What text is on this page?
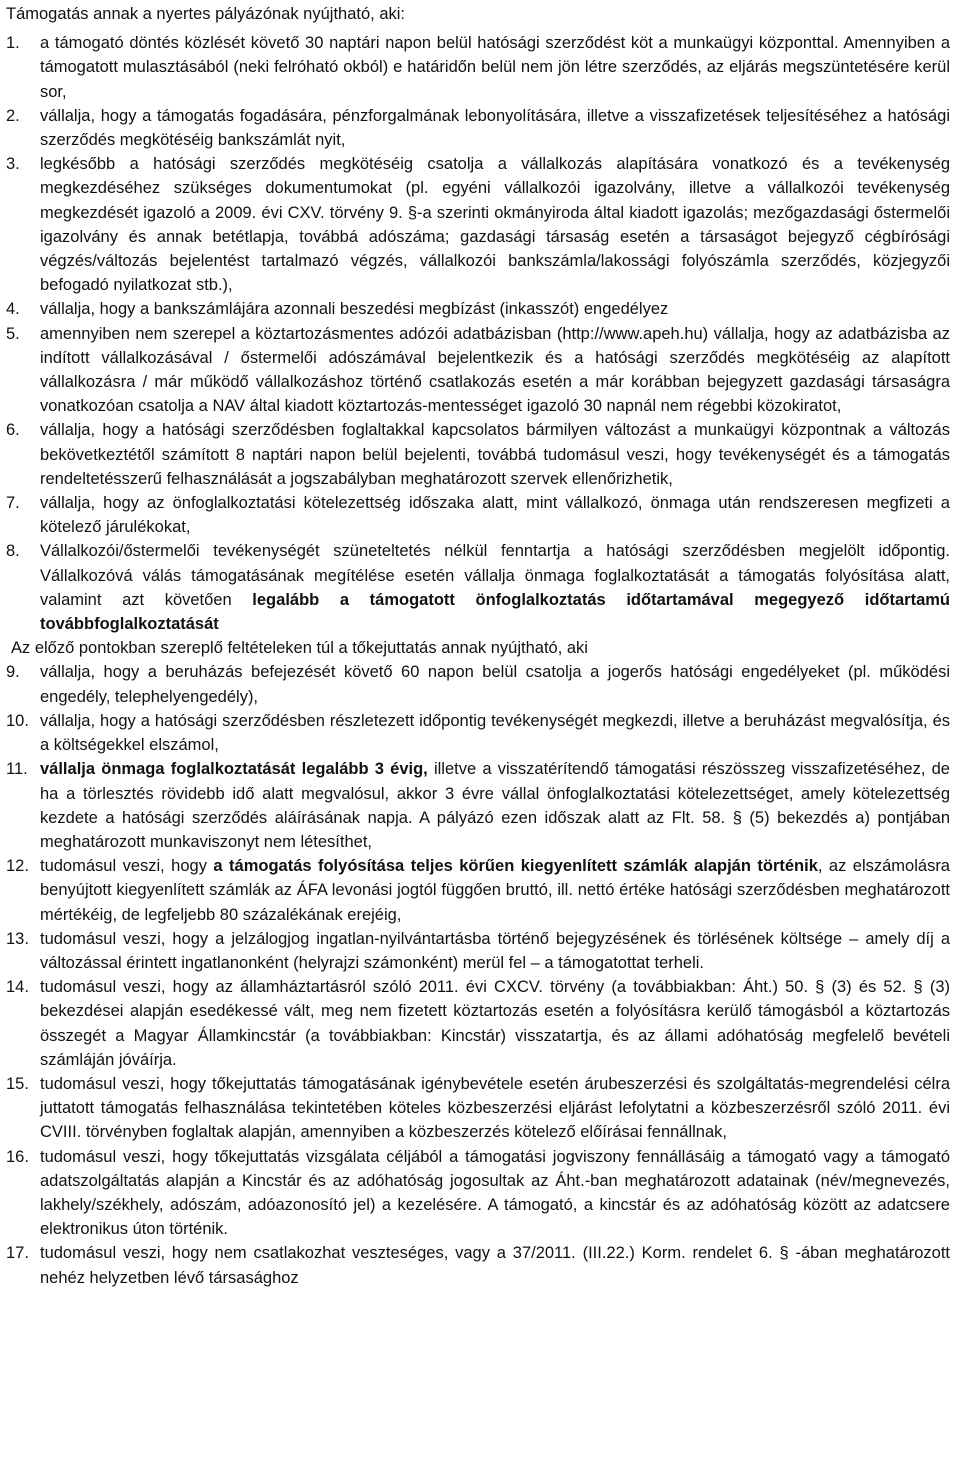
Támogatás annak a nyertes pályázónak nyújtható, aki:

1.	a támogató döntés közlését követő 30 naptári napon belül hatósági szerződést köt a munkaügyi központtal. Amennyiben a támogatott mulasztásából (neki felróható okból) e határidőn belül nem jön létre szerződés, az eljárás megszüntetésére kerül sor,
2.	vállalja, hogy a támogatás fogadására, pénzforgalmának lebonyolítására, illetve a visszafizetések teljesítéséhez a hatósági szerződés megkötéséig bankszámlát nyit,
3.	legkésőbb a hatósági szerződés megkötéséig csatolja a vállalkozás alapítására vonatkozó és a tevékenység megkezdéséhez szükséges dokumentumokat (pl. egyéni vállalkozói igazolvány, illetve a vállalkozói tevékenység megkezdését igazoló a 2009. évi CXV. törvény 9. §-a szerinti okmányiroda által kiadott igazolás; mezőgazdasági őstermelői igazolvány és annak betétlapja, továbbá adószáma; gazdasági társaság esetén a társaságot bejegyző cégbírósági végzés/változás bejelentést tartalmazó végzés, vállalkozói bankszámla/lakossági folyószámla szerződés, közjegyzői befogadó nyilatkozat stb.),
4.	vállalja, hogy a bankszámlájára azonnali beszedési megbízást (inkasszót) engedélyez
5.	amennyiben nem szerepel a köztartozásmentes adózói adatbázisban (http://www.apeh.hu) vállalja, hogy az adatbázisba az indított vállalkozásával / őstermelői adószámával bejelentkezik és a hatósági szerződés megkötéséig az alapított vállalkozásra / már működő vállalkozáshoz történő csatlakozás esetén a már korábban bejegyzett gazdasági társaságra vonatkozóan csatolja a NAV által kiadott köztartozás-mentességet igazoló 30 napnál nem régebbi közokiratot,
6.	vállalja, hogy a hatósági szerződésben foglaltakkal kapcsolatos bármilyen változást a munkaügyi központnak a változás bekövetkeztétől számított 8 naptári napon belül bejelenti, továbbá tudomásul veszi, hogy tevékenységét és a támogatás rendeltetésszerű felhasználását a jogszabályban meghatározott szervek ellenőrizhetik,
7.	vállalja, hogy az önfoglalkoztatási kötelezettség időszaka alatt, mint vállalkozó, önmaga után rendszeresen megfizeti a kötelező járulékokat,
8.	Vállalkozói/őstermelői tevékenységét szüneteltetés nélkül fenntartja a hatósági szerződésben megjelölt időpontig. Vállalkozóvá válás támogatásának megítélése esetén vállalja önmaga foglalkoztatását a támogatás folyósítása alatt, valamint azt követően legalább a támogatott önfoglalkoztatás időtartamával megegyező időtartamú továbbfoglalkoztatását

Az előző pontokban szereplő feltételeken túl a tőkejuttatás annak nyújtható, aki

9.	vállalja, hogy a beruházás befejezését követő 60 napon belül csatolja a jogerős hatósági engedélyeket (pl. működési engedély, telephelyengedély),
10. vállalja, hogy a hatósági szerződésben részletezett időpontig tevékenységét megkezdi, illetve a beruházást megvalósítja, és a költségekkel elszámol,
11. vállalja önmaga foglalkoztatását legalább 3 évig, illetve a visszatérítendő támogatási részösszeg visszafizetéséhez, de ha a törlesztés rövidebb idő alatt megvalósul, akkor 3 évre vállal önfoglalkoztatási kötelezettséget, amely kötelezettség kezdete a hatósági szerződés aláírásának napja. A pályázó ezen időszak alatt az Flt. 58. § (5) bekezdés a) pontjában meghatározott munkaviszonyt nem létesíthet,
12. tudomásul veszi, hogy a támogatás folyósítása teljes körűen kiegyenlített számlák alapján történik, az elszámolásra benyújtott kiegyenlített számlák az ÁFA levonási jogtól függően bruttó, ill. nettó értéke hatósági szerződésben meghatározott mértékéig, de legfeljebb 80 százalékának erejéig,
13. tudomásul veszi, hogy a jelzálogjog ingatlan-nyilvántartásba történő bejegyzésének és törlésének költsége – amely díj a változással érintett ingatlanonként (helyrajzi számonként) merül fel – a támogatottat terheli.
14. tudomásul veszi, hogy az államháztartásról szóló 2011. évi CXCV. törvény (a továbbiakban: Áht.) 50. § (3) és 52. § (3) bekezdései alapján esedékessé vált, meg nem fizetett köztartozás esetén a folyósításra kerülő támogásból a köztartozás összegét a Magyar Államkincstár (a továbbiakban: Kincstár) visszatartja, és az állami adóhatóság megfelelő bevételi számláján jóváírja.
15. tudomásul veszi, hogy tőkejuttatás támogatásának igénybevétele esetén árubeszerzési és szolgáltatás-megrendelési célra juttatott támogatás felhasználása tekintetében köteles közbeszerzési eljárást lefolytatni a közbeszerzésről szóló 2011. évi CVIII. törvényben foglaltak alapján, amennyiben a közbeszerzés kötelező előírásai fennállnak,
16. tudomásul veszi, hogy tőkejuttatás vizsgálata céljából a támogatási jogviszony fennállásáig a támogató vagy a támogató adatszolgáltatás alapján a Kincstár és az adóhatóság jogosultak az Áht.-ban meghatározott adatainak (név/megnevezés, lakhely/székhely, adószám, adóazonosító jel) a kezelésére. A támogató, a kincstár és az adóhatóság között az adatcsere elektronikus úton történik.
17. tudomásul veszi, hogy nem csatlakozhat veszteséges, vagy a 37/2011. (III.22.) Korm. rendelet 6. § -ában meghatározott nehéz helyzetben lévő társasághoz
